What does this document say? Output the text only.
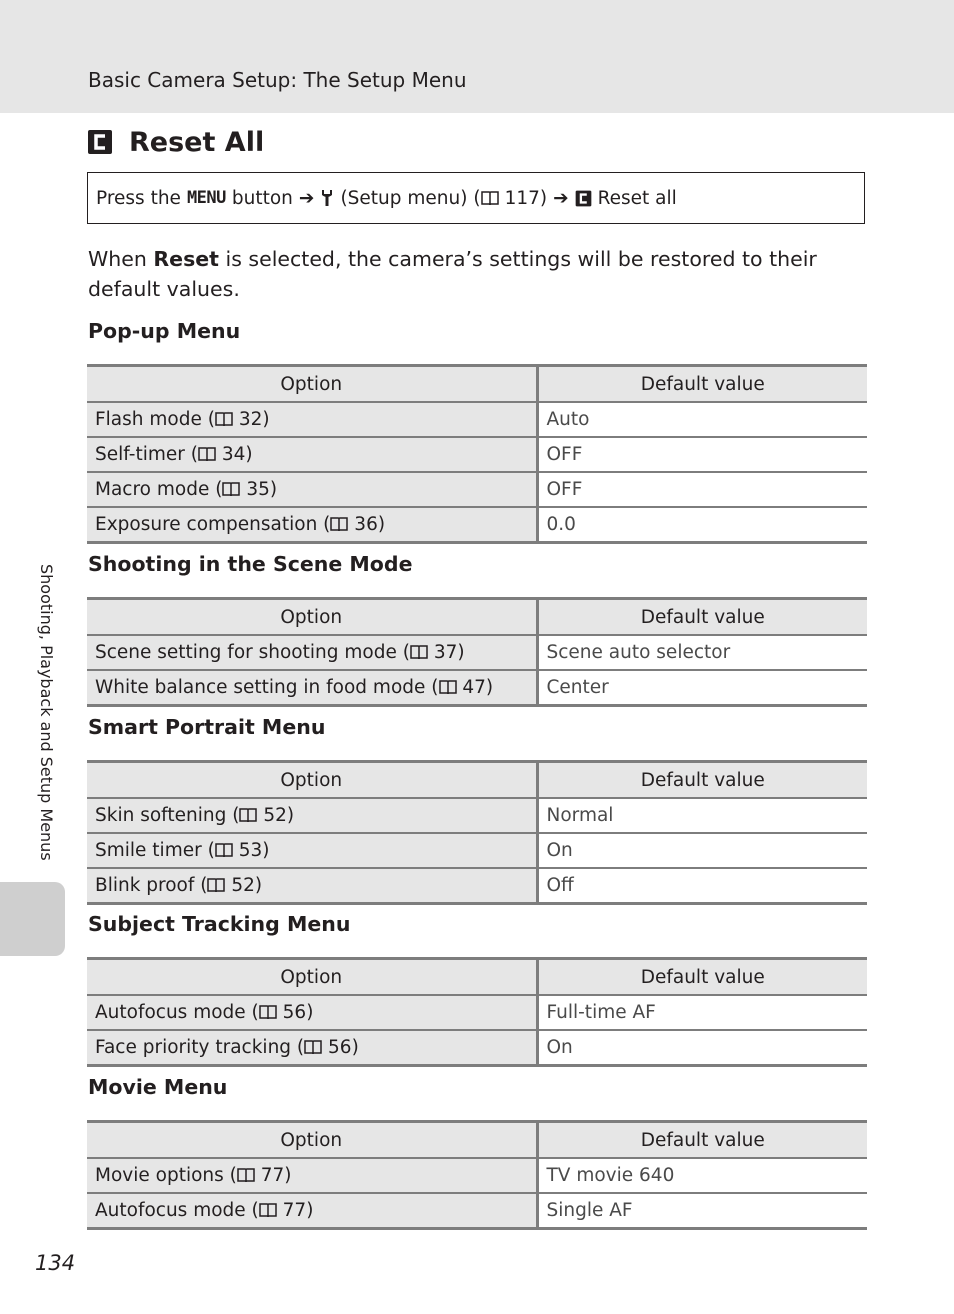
Basic Camera Setup: The Setup Menu
Reset All
Press the MENU button ➔ (Setup menu) ( 117) ➔ Reset all
When Reset is selected, the camera’s settings will be restored to their default values.
Pop-up Menu
Option	Default value
Flash mode ( 32)	Auto
Self-timer ( 34)	OFF
Macro mode ( 35)	OFF
Exposure compensation ( 36)	0.0
Shooting in the Scene Mode
Option	Default value
Scene setting for shooting mode ( 37)	Scene auto selector
White balance setting in food mode ( 47)	Center
Smart Portrait Menu
Option	Default value
Skin softening ( 52)	Normal
Smile timer ( 53)	On
Blink proof ( 52)	Off
Subject Tracking Menu
Option	Default value
Autofocus mode ( 56)	Full-time AF
Face priority tracking ( 56)	On
Movie Menu
Option	Default value
Movie options ( 77)	TV movie 640
Autofocus mode ( 77)	Single AF
Shooting, Playback and Setup Menus
134
